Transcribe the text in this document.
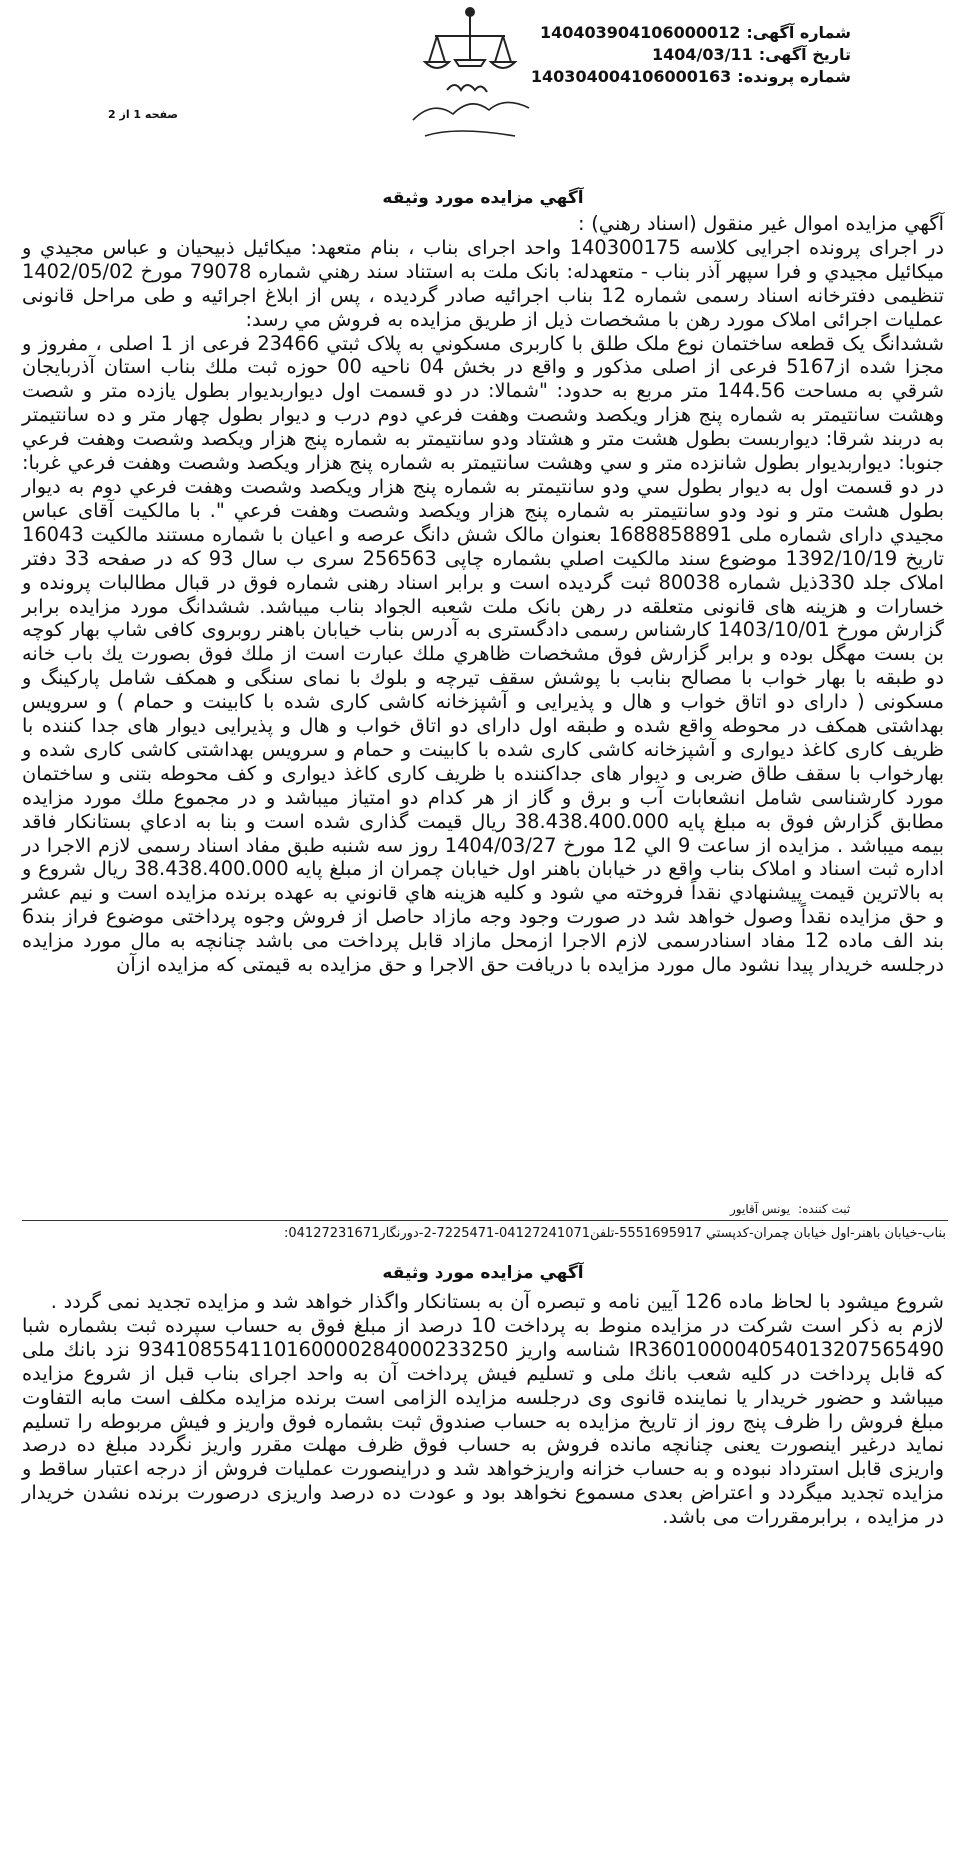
شماره آگهی:140403904106000012
تاریخ آگهی:1404/03/11
شماره پرونده:140304004106000163
صفحه 1 از 2
آگهي مزايده مورد وثيقه
آگهي مزايده اموال غير منقول (اسناد رهني) :
در اجرای پرونده اجرايی کلاسه 140300175 واحد اجرای بناب ، بنام متعهد: ميکائيل ذبيحيان و عباس مجيدي و ميکائيل مجيدي و فرا سپهر آذر بناب - متعهدله: بانک ملت به استناد سند رهني شماره 79078 مورخ 1402/05/02 تنظيمی دفترخانه اسناد رسمی شماره 12 بناب اجرائيه صادر گرديده ، پس از ابلاغ اجرائيه و طی مراحل قانونی عمليات اجرائی املاک مورد رهن با مشخصات ذيل از طريق مزايده به فروش مي رسد:
ششدانگ يک قطعه ساختمان نوع ملک طلق با کاربری مسکوني به پلاک ثبتي 23466 فرعی از 1 اصلی ، مفروز و مجزا شده از5167 فرعی از اصلی مذکور و واقع در بخش 04 ناحيه 00 حوزه ثبت ملك بناب استان آذربايجان شرقي به مساحت 144.56 متر مربع به حدود: "شمالا: در دو قسمت اول ديواربديوار بطول يازده متر و شصت وهشت سانتيمتر به شماره پنج هزار ويکصد وشصت وهفت فرعي دوم درب و ديوار بطول چهار متر و ده سانتيمتر به دربند شرقا: ديواربست بطول هشت متر و هشتاد ودو سانتيمتر به شماره پنج هزار ويکصد وشصت وهفت فرعي جنوبا: ديواربديوار بطول شانزده متر و سي وهشت سانتيمتر به شماره پنج هزار ويکصد وشصت وهفت فرعي غربا: در دو قسمت اول به ديوار بطول سي ودو سانتيمتر به شماره پنج هزار ويکصد وشصت وهفت فرعي دوم به ديوار بطول هشت متر و نود ودو سانتيمتر به شماره پنج هزار ويکصد وشصت وهفت فرعي ". با مالکيت آقای عباس مجيدي دارای شماره ملی 1688858891 بعنوان مالک شش دانگ عرصه و اعيان با شماره مستند مالکيت 16043 تاريخ 1392/10/19 موضوع سند مالکيت اصلي بشماره چاپی 256563 سری ب سال 93 که در صفحه 33 دفتر املاک جلد 330ذيل شماره 80038 ثبت گرديده است و برابر اسناد رهنی شماره فوق در قبال مطالبات پرونده و خسارات و هزينه های قانونی متعلقه در رهن بانک ملت شعبه الجواد بناب ميباشد. ششدانگ مورد مزايده برابر گزارش مورخ 1403/10/01 کارشناس رسمی دادگستری به آدرس بناب خيابان باهنر روبروی کافی شاپ بهار کوچه بن بست مهگل بوده و برابر گزارش فوق مشخصات ظاهري ملك عبارت است از ملك فوق بصورت يك باب خانه دو طبقه با بهار خواب با مصالح بنابب با پوشش سقف تيرچه و بلوك با نمای سنگی و همكف شامل پاركينگ و مسكونی ( دارای دو اتاق خواب و هال و پذيرايی و آشپزخانه كاشی كاری شده با كابينت و حمام ) و سرويس بهداشتی همكف در محوطه واقع شده و طبقه اول دارای دو اتاق خواب و هال و پذيرايی ديوار های جدا كننده با ظريف كاری كاغذ ديواری و آشپزخانه كاشی كاری شده با كابينت و حمام و سرويس بهداشتی كاشی كاری شده و بهارخواب با سقف طاق ضربی و ديوار های جداكننده با ظريف كاری كاغذ ديواری و كف محوطه بتنی و ساختمان مورد كارشناسی شامل انشعابات آب و برق و گاز از هر كدام دو امتياز ميباشد و در مجموع ملك مورد مزايده مطابق گزارش فوق به مبلغ پايه 38.438.400.000 ريال قيمت گذاری شده است و بنا به ادعاي بستانكار فاقد بيمه ميباشد . مزايده از ساعت 9 الي 12 مورخ 1404/03/27 روز سه شنبه طبق مفاد اسناد رسمی لازم الاجرا در اداره ثبت اسناد و املاک بناب واقع در خيابان باهنر اول خيابان چمران از مبلغ پايه 38.438.400.000 ريال شروع و به بالاترين قيمت پيشنهادي نقداً فروخته مي شود و كليه هزينه هاي قانوني به عهده برنده مزايده است و نيم عشر و حق مزايده نقداً وصول خواهد شد در صورت وجود وجه مازاد حاصل از فروش وجوه پرداختی موضوع فراز بند6 بند الف ماده 12 مفاد اسنادرسمی لازم الاجرا ازمحل مازاد قابل پرداخت می باشد چنانچه به مال مورد مزايده درجلسه خريدار پيدا نشود مال مورد مزايده با دريافت حق الاجرا و حق مزايده به قيمتی كه مزايده ازآن
ثبت كننده:يونس آقايور
بناب-خيابان باهنر-اول خيابان چمران-كدپستي 5551695917-تلفن04127241071-7225471-2-دورنگار04127231671:
آگهي مزايده مورد وثيقه
شروع ميشود با لحاظ ماده 126 آيين نامه و تبصره آن به بستانكار واگذار خواهد شد و مزايده تجديد نمی گردد .
لازم به ذكر است شركت در مزايده منوط به پرداخت 10 درصد از مبلغ فوق به حساب سپرده ثبت بشماره شبا IR360100004054013207565490 شناسه واريز 934108554110160000284000233250 نزد بانك ملی كه قابل پرداخت در كليه شعب بانك ملی و تسليم فيش پرداخت آن به واحد اجرای بناب قبل از شروع مزايده ميباشد و حضور خريدار يا نماينده قانوی وی درجلسه مزايده الزامی است برنده مزايده مكلف است مابه التفاوت مبلغ فروش را ظرف پنج روز از تاريخ مزايده به حساب صندوق ثبت بشماره فوق واريز و فيش مربوطه را تسليم نمايد درغير اينصورت يعنی چنانچه مانده فروش به حساب فوق ظرف مهلت مقرر واريز نگردد مبلغ ده درصد واريزی قابل استرداد نبوده و به حساب خزانه واريزخواهد شد و دراينصورت عمليات فروش از درجه اعتبار ساقط و مزايده تجديد ميگردد و اعتراض بعدی مسموع نخواهد بود و عودت ده درصد واريزی درصورت برنده نشدن خريدار در مزايده ، برابرمقررات می باشد.
